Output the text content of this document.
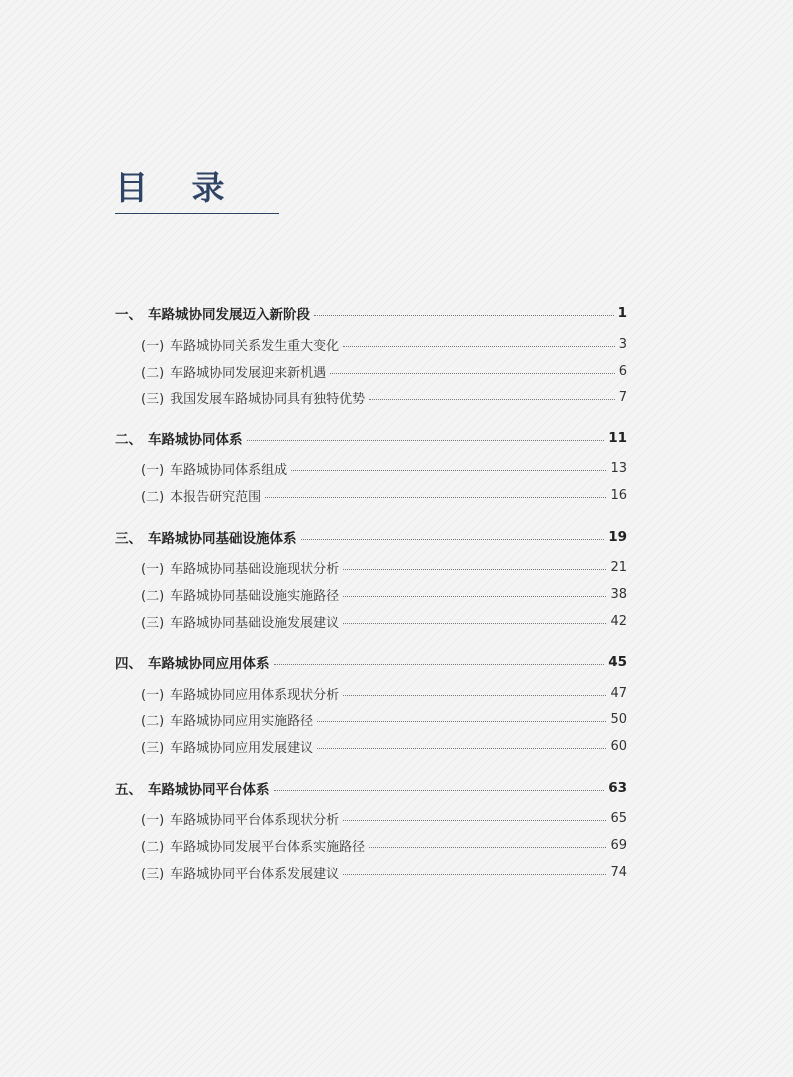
目 录
一、 车路城协同发展迈入新阶段	1
(一) 车路城协同关系发生重大变化	3
(二) 车路城协同发展迎来新机遇	6
(三) 我国发展车路城协同具有独特优势	7
二、 车路城协同体系	11
(一) 车路城协同体系组成	13
(二) 本报告研究范围	16
三、 车路城协同基础设施体系	19
(一) 车路城协同基础设施现状分析	21
(二) 车路城协同基础设施实施路径	38
(三) 车路城协同基础设施发展建议	42
四、 车路城协同应用体系	45
(一) 车路城协同应用体系现状分析	47
(二) 车路城协同应用实施路径	50
(三) 车路城协同应用发展建议	60
五、 车路城协同平台体系	63
(一) 车路城协同平台体系现状分析	65
(二) 车路城协同发展平台体系实施路径	69
(三) 车路城协同平台体系发展建议	74
